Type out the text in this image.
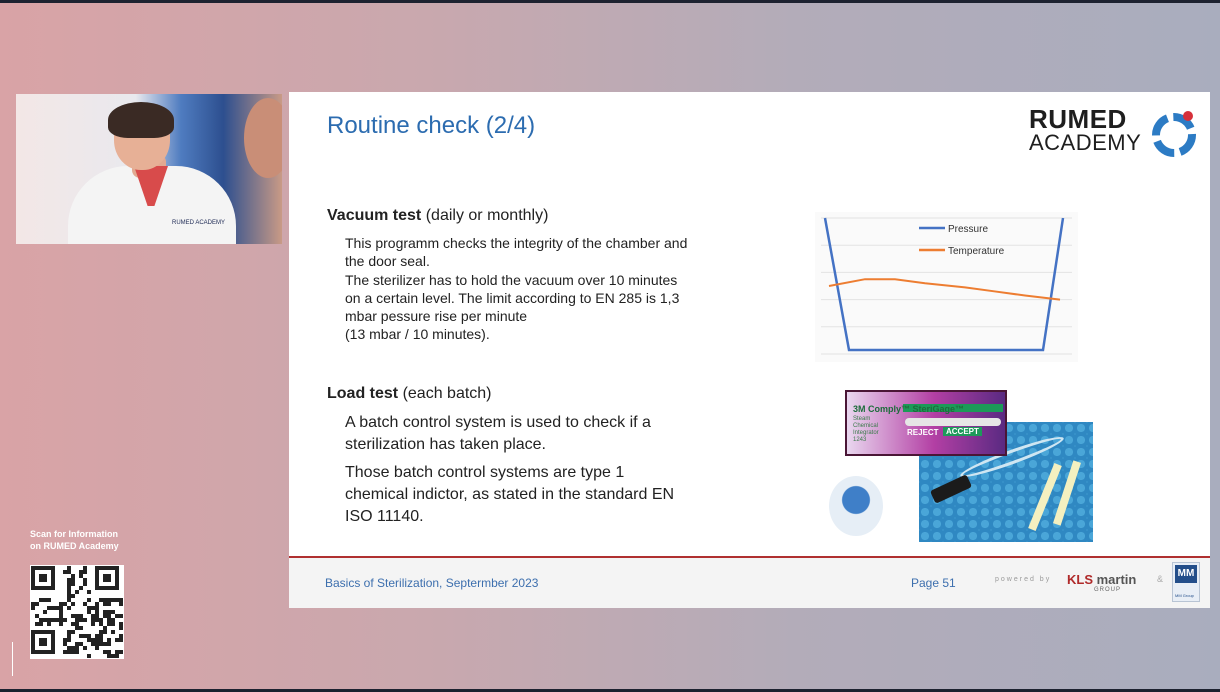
RUMED ACADEMY
Scan for Information
on RUMED Academy
Routine check (2/4)	RUMED
ACADEMY
Vacuum test (daily or monthly)
This programm checks the integrity of the chamber and
the door seal.
The sterilizer has to hold the vacuum over 10 minutes
on a certain level. The limit according to EN 285 is 1,3
mbar pessure rise per minute
(13 mbar / 10 minutes).
Pressure
Temperature
Load test (each batch)
A batch control system is used to check if a
sterilization has taken place.
Those batch control systems are type 1
chemical indictor, as stated in the standard EN
ISO 11140.
3M Comply™ SteriGage™
Steam Chemical Integrator 1243
REJECT ACCEPT
Basics of Sterilization, Septermber 2023	Page 51	powered by KLS martin
GROUP
& MM
MM Group
